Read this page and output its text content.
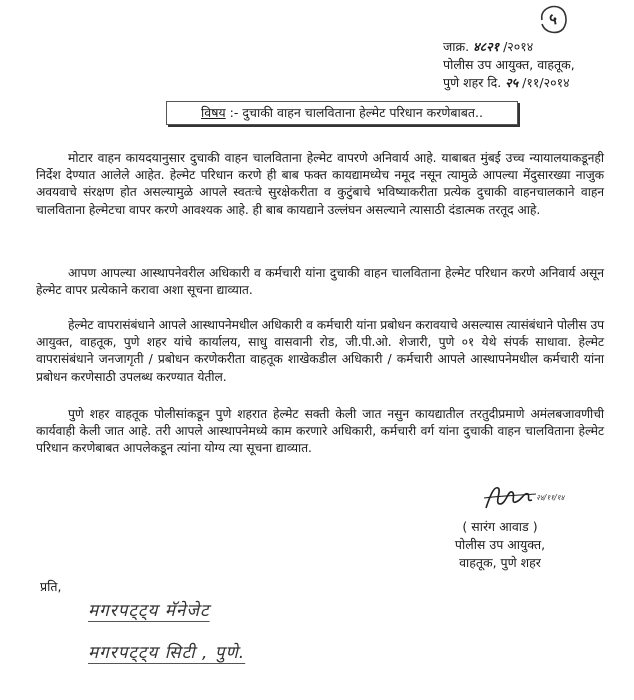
५
जाक्र. ४८२१ /२०१४
पोलीस उप आयुक्त, वाहतूक,
पुणे शहर दि. २५ /११/२०१४
विषय :- दुचाकी वाहन चालविताना हेल्मेट परिधान करणेबाबत..
मोटार वाहन कायदयानुसार दुचाकी वाहन चालविताना हेल्मेट वापरणे अनिवार्य आहे. याबाबत मुंबई उच्च न्यायालयाकडूनही निर्देश देण्यात आलेले आहेत. हेल्मेट परिधान करणे ही बाब फक्त कायद्यामध्येच नमूद नसून त्यामुळे आपल्या मेंदुसारख्या नाजुक अवयवाचे संरक्षण होत असल्यामुळे आपले स्वतःचे सुरक्षेकरीता व कुटुंबाचे भविष्याकरीता प्रत्येक दुचाकी वाहनचालकाने वाहन चालविताना हेल्मेटचा वापर करणे आवश्यक आहे. ही बाब कायद्याने उल्लंघन असल्याने त्यासाठी दंडात्मक तरतूद आहे.
आपण आपल्या आस्थापनेवरील अधिकारी व कर्मचारी यांना दुचाकी वाहन चालविताना हेल्मेट परिधान करणे अनिवार्य असून हेल्मेट वापर प्रत्येकाने करावा अशा सूचना द्याव्यात.
हेल्मेट वापरासंबंधाने आपले आस्थापनेमधील अधिकारी व कर्मचारी यांना प्रबोधन करावयाचे असल्यास त्यासंबंधाने पोलीस उप आयुक्त, वाहतूक, पुणे शहर यांचे कार्यालय, साधु वासवानी रोड, जी.पी.ओ. शेजारी, पुणे ०१ येथे संपर्क साधावा. हेल्मेट वापरासंबंधाने जनजागृती / प्रबोधन करणेकरीता वाहतूक शाखेकडील अधिकारी / कर्मचारी आपले आस्थापनेमधील कर्मचारी यांना प्रबोधन करणेसाठी उपलब्ध करण्यात येतील.
पुणे शहर वाहतूक पोलीसांकडून पुणे शहरात हेल्मेट सक्ती केली जात नसुन कायद्यातील तरतुदीप्रमाणे अमंलबजावणीची कार्यवाही केली जात आहे. तरी आपले आस्थापनेमध्ये काम करणारे अधिकारी, कर्मचारी वर्ग यांना दुचाकी वाहन चालविताना हेल्मेट परिधान करणेबाबत आपलेकडून त्यांना योग्य त्या सूचना द्याव्यात.
२४/११/१४
( सारंग आवाड )
पोलीस उप आयुक्त,
वाहतूक, पुणे शहर
प्रति,
मगरपट्ट्य मॅनेजेट
मगरपट्ट्य सिटी , पुणे.
